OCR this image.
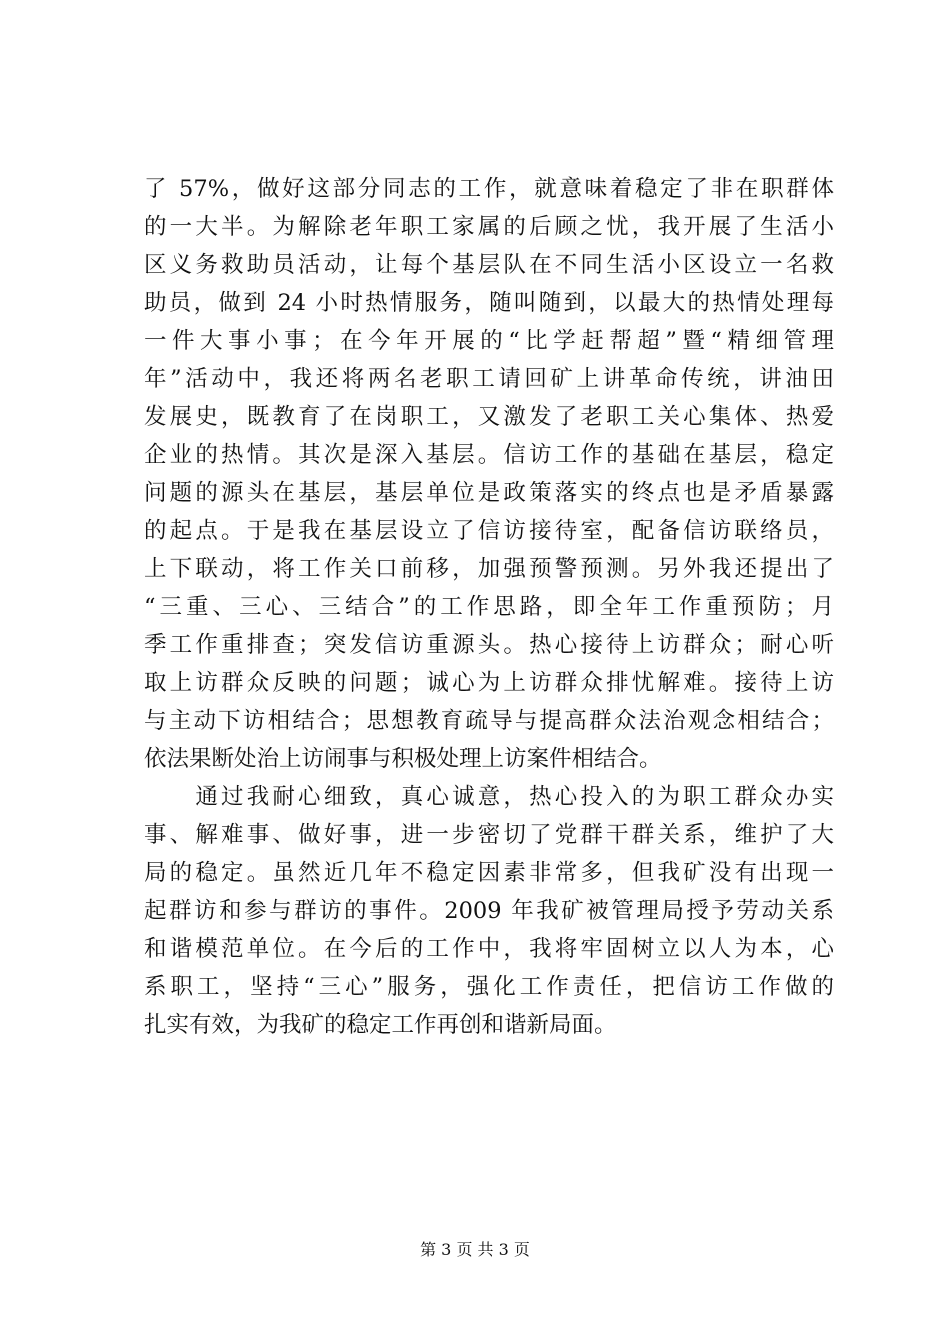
了 57%，做好这部分同志的工作，就意味着稳定了非在职群体
的一大半。为解除老年职工家属的后顾之忧，我开展了生活小
区义务救助员活动，让每个基层队在不同生活小区设立一名救
助员，做到 24 小时热情服务，随叫随到，以最大的热情处理每
一件大事小事；在今年开展的“比学赶帮超”暨“精细管理
年”活动中，我还将两名老职工请回矿上讲革命传统，讲油田
发展史，既教育了在岗职工，又激发了老职工关心集体、热爱
企业的热情。其次是深入基层。信访工作的基础在基层，稳定
问题的源头在基层，基层单位是政策落实的终点也是矛盾暴露
的起点。于是我在基层设立了信访接待室，配备信访联络员，
上下联动，将工作关口前移，加强预警预测。另外我还提出了
“三重、三心、三结合”的工作思路，即全年工作重预防；月
季工作重排查；突发信访重源头。热心接待上访群众；耐心听
取上访群众反映的问题；诚心为上访群众排忧解难。接待上访
与主动下访相结合；思想教育疏导与提高群众法治观念相结合；
依法果断处治上访闹事与积极处理上访案件相结合。
　　通过我耐心细致，真心诚意，热心投入的为职工群众办实
事、解难事、做好事，进一步密切了党群干群关系，维护了大
局的稳定。虽然近几年不稳定因素非常多，但我矿没有出现一
起群访和参与群访的事件。2009 年我矿被管理局授予劳动关系
和谐模范单位。在今后的工作中，我将牢固树立以人为本，心
系职工，坚持“三心”服务，强化工作责任，把信访工作做的
扎实有效，为我矿的稳定工作再创和谐新局面。
第 3 页 共 3 页
